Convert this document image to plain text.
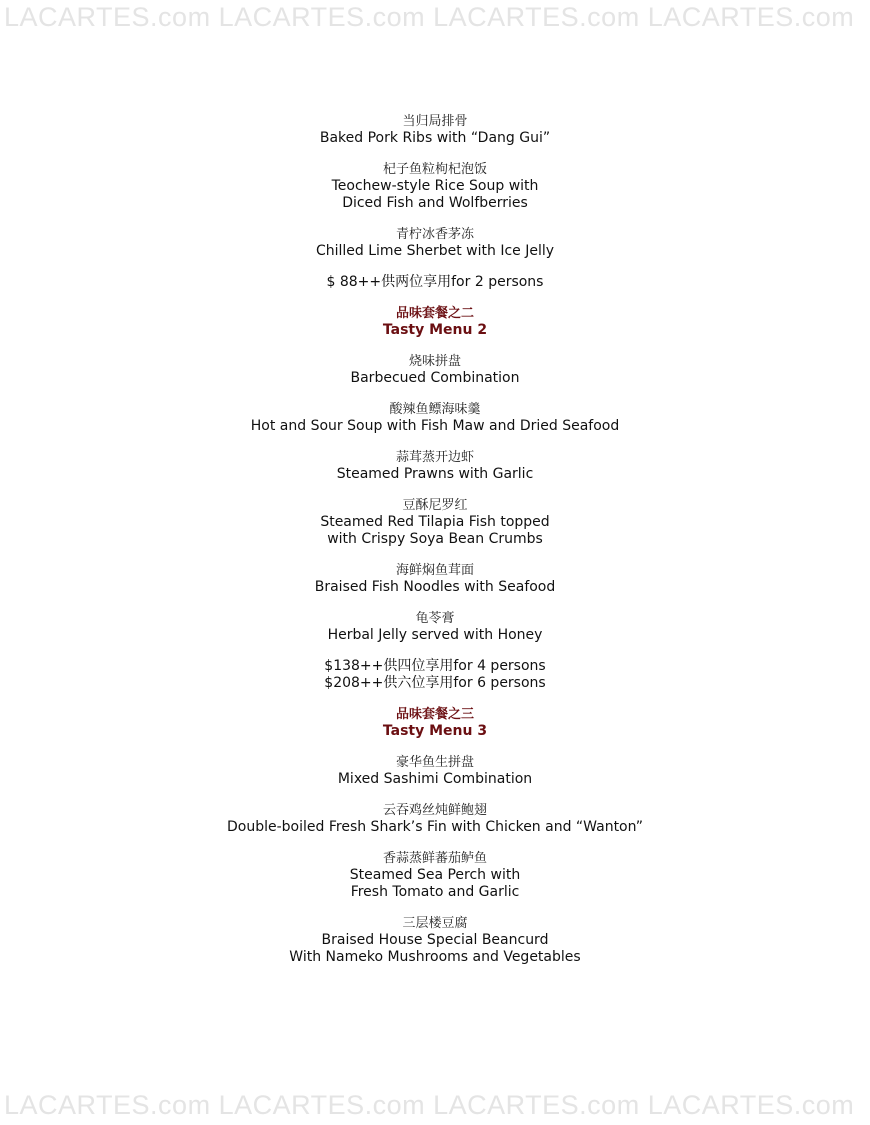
LACARTES.com LACARTES.com LACARTES.com LACARTES.com
当归局排骨
Baked Pork Ribs with “Dang Gui”
杞子鱼粒枸杞泡饭
Teochew-style Rice Soup with
Diced Fish and Wolfberries
青柠冰香茅冻
Chilled Lime Sherbet with Ice Jelly
$ 88++供两位享用for 2 persons
品味套餐之二
Tasty Menu 2
烧味拼盘
Barbecued Combination
酸辣鱼鳔海味羹
Hot and Sour Soup with Fish Maw and Dried Seafood
蒜茸蒸开边虾
Steamed Prawns with Garlic
豆酥尼罗红
Steamed Red Tilapia Fish topped
with Crispy Soya Bean Crumbs
海鲜焖鱼茸面
Braised Fish Noodles with Seafood
龟苓膏
Herbal Jelly served with Honey
$138++供四位享用for 4 persons
$208++供六位享用for 6 persons
品味套餐之三
Tasty Menu 3
豪华鱼生拼盘
Mixed Sashimi Combination
云吞鸡丝炖鲜鲍翅
Double-boiled Fresh Shark’s Fin with Chicken and “Wanton”
香蒜蒸鲜蕃茄鲈鱼
Steamed Sea Perch with
Fresh Tomato and Garlic
三层楼豆腐
Braised House Special Beancurd
With Nameko Mushrooms and Vegetables
LACARTES.com LACARTES.com LACARTES.com LACARTES.com
